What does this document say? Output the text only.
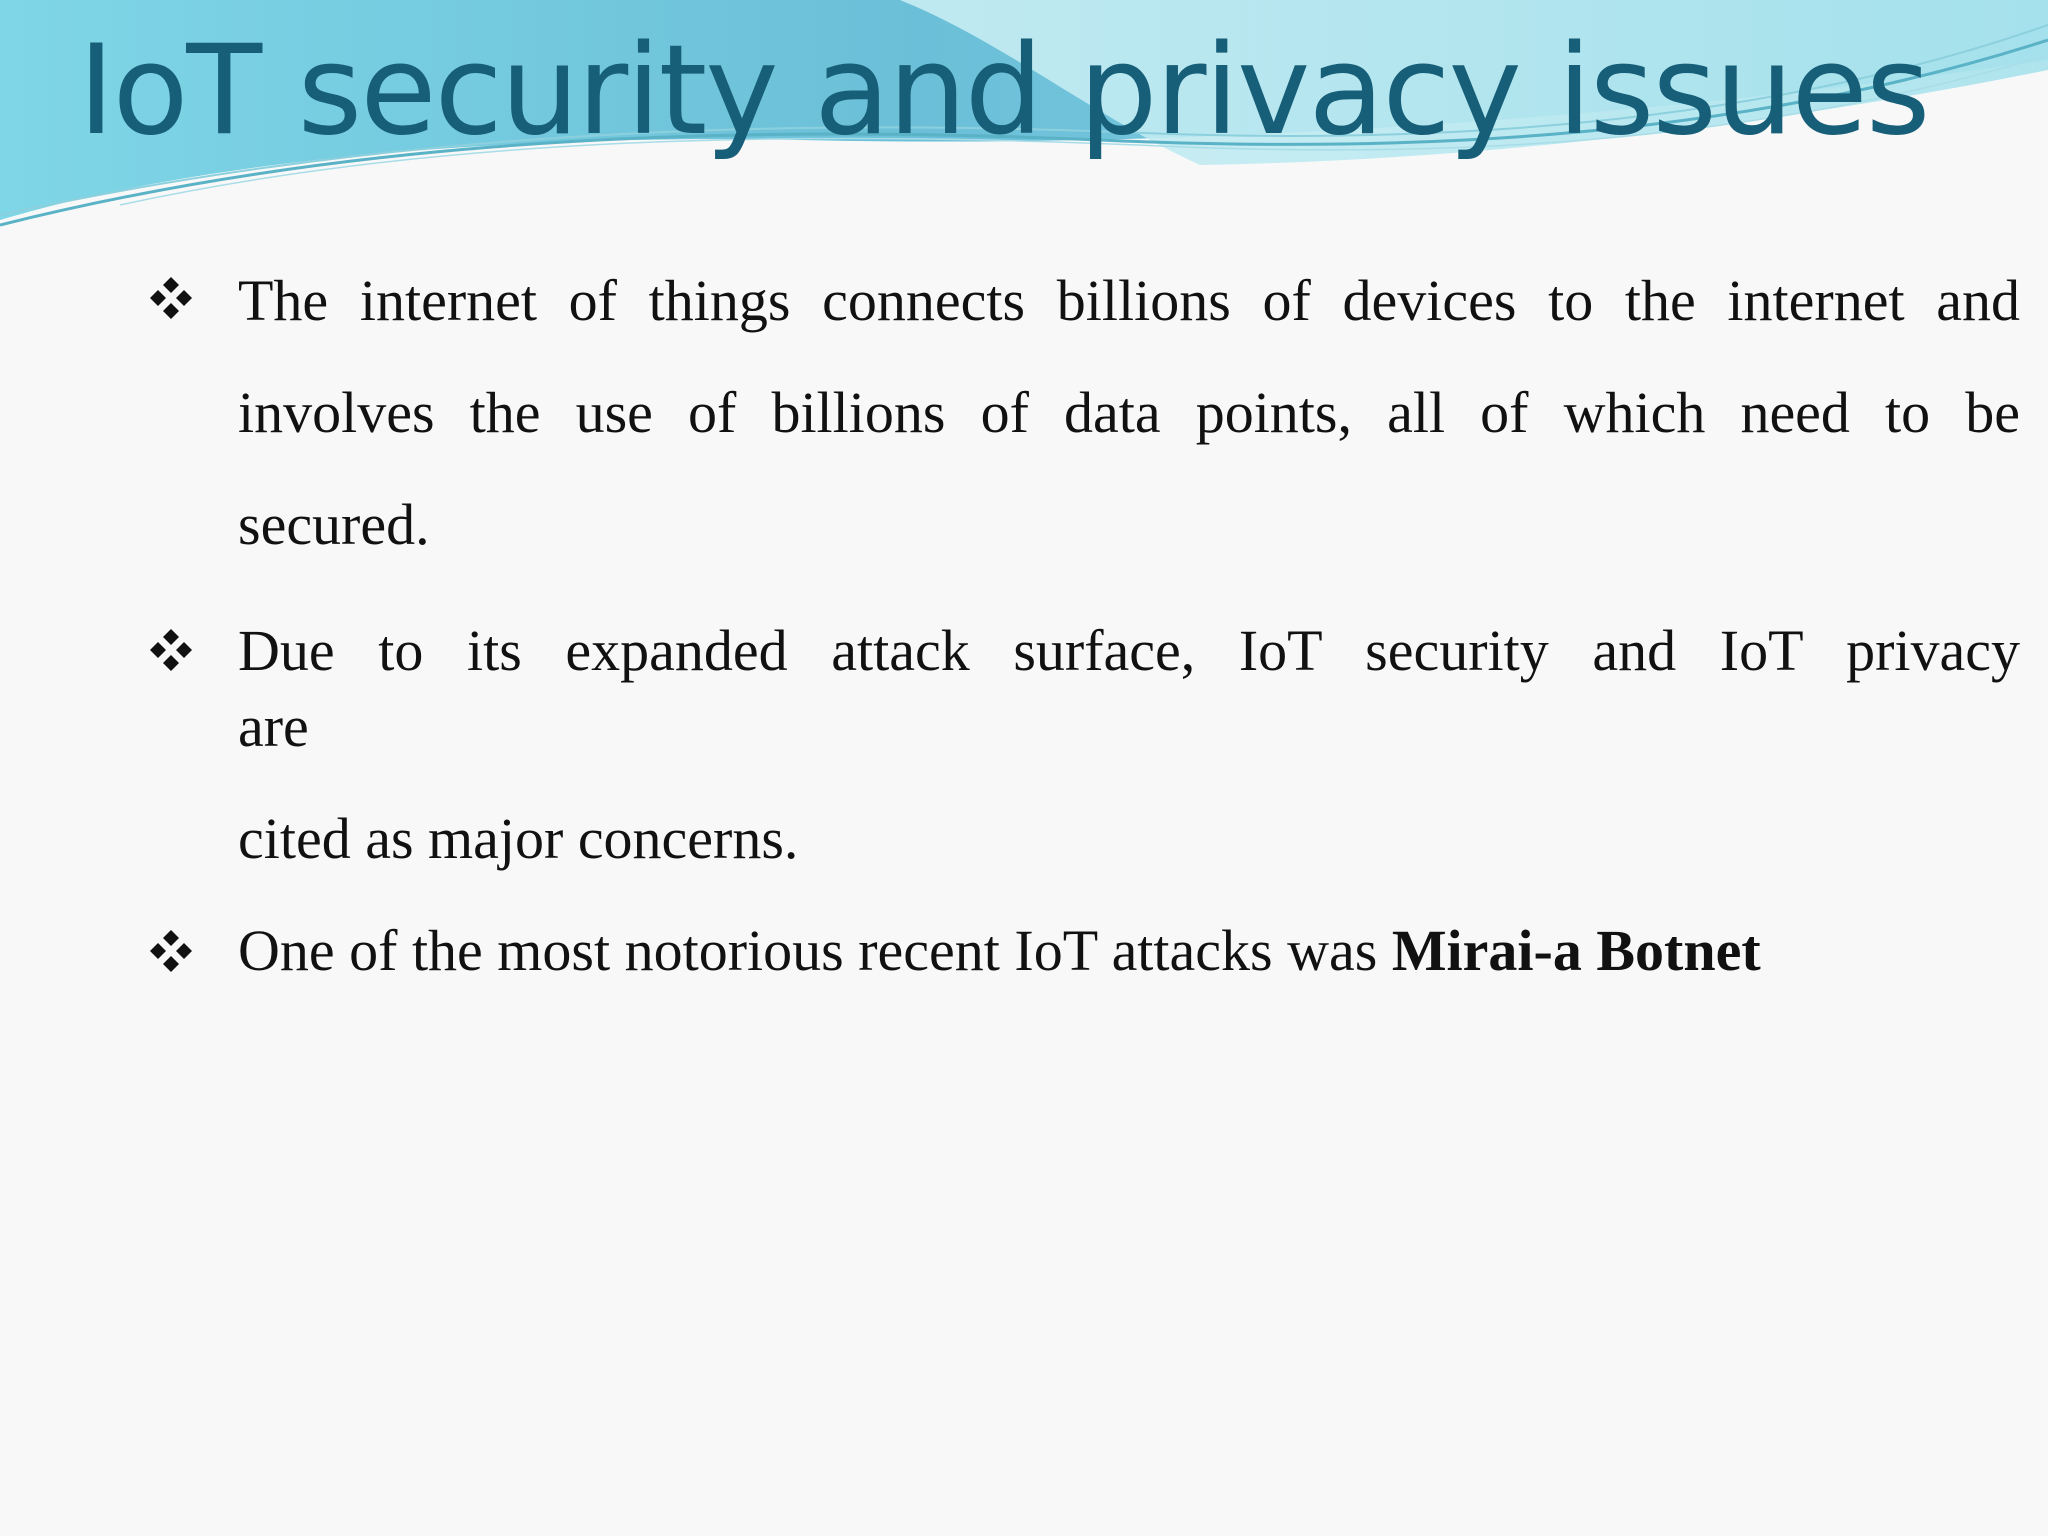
IoT security and privacy issues
The internet of things connects billions of devices to the internet and
involves the use of billions of data points, all of which need to be
secured.
Due to its expanded attack surface, IoT security and IoT privacy
are
cited as major concerns.
One of the most notorious recent IoT attacks was Mirai-a Botnet
